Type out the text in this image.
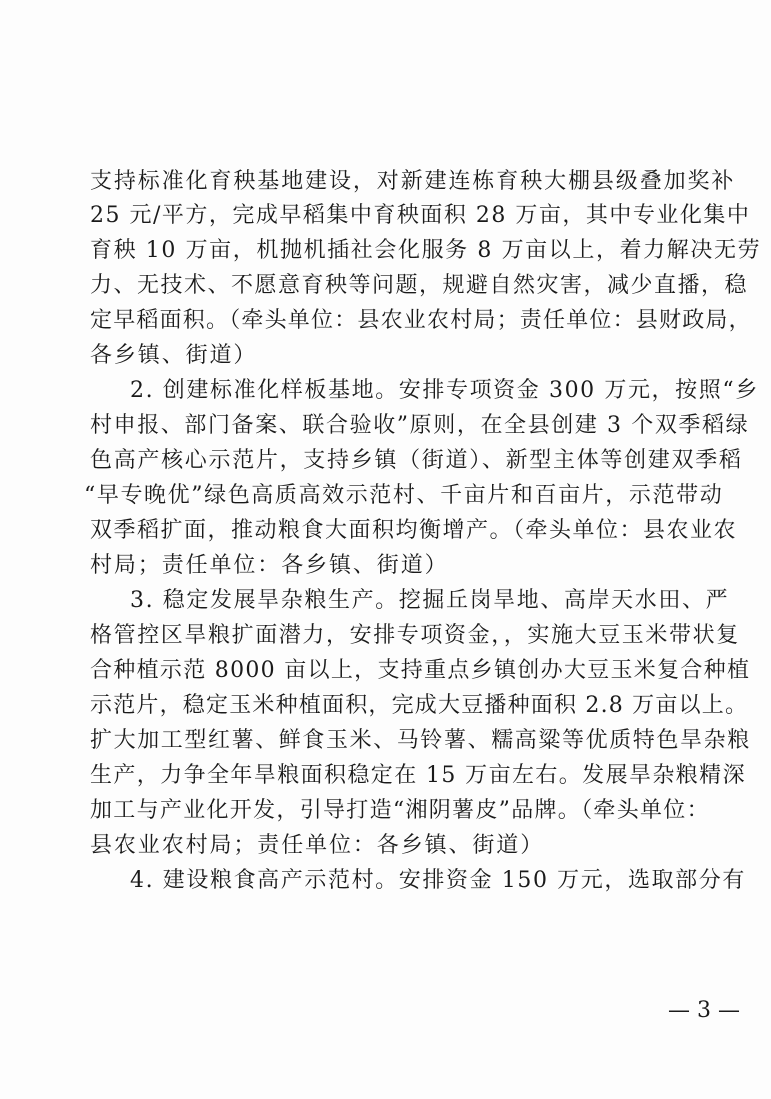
支持标准化育秧基地建设，对新建连栋育秧大棚县级叠加奖补
25 元/平方，完成早稻集中育秧面积 28 万亩，其中专业化集中
育秧 10 万亩，机抛机插社会化服务 8 万亩以上，着力解决无劳
力、无技术、不愿意育秧等问题，规避自然灾害，减少直播，稳
定早稻面积。（牵头单位：县农业农村局；责任单位：县财政局，
各乡镇、街道）
2. 创建标准化样板基地。安排专项资金 300 万元，按照“乡
村申报、部门备案、联合验收”原则，在全县创建 3 个双季稻绿
色高产核心示范片，支持乡镇（街道）、新型主体等创建双季稻
“早专晚优”绿色高质高效示范村、千亩片和百亩片，示范带动
双季稻扩面，推动粮食大面积均衡增产。（牵头单位：县农业农
村局；责任单位：各乡镇、街道）
3. 稳定发展旱杂粮生产。挖掘丘岗旱地、高岸天水田、严
格管控区旱粮扩面潜力，安排专项资金，，实施大豆玉米带状复
合种植示范 8000 亩以上，支持重点乡镇创办大豆玉米复合种植
示范片，稳定玉米种植面积，完成大豆播种面积 2.8 万亩以上。
扩大加工型红薯、鲜食玉米、马铃薯、糯高粱等优质特色旱杂粮
生产，力争全年旱粮面积稳定在 15 万亩左右。发展旱杂粮精深
加工与产业化开发，引导打造“湘阴薯皮”品牌。（牵头单位：
县农业农村局；责任单位：各乡镇、街道）
4. 建设粮食高产示范村。安排资金 150 万元，选取部分有
— 3 —
